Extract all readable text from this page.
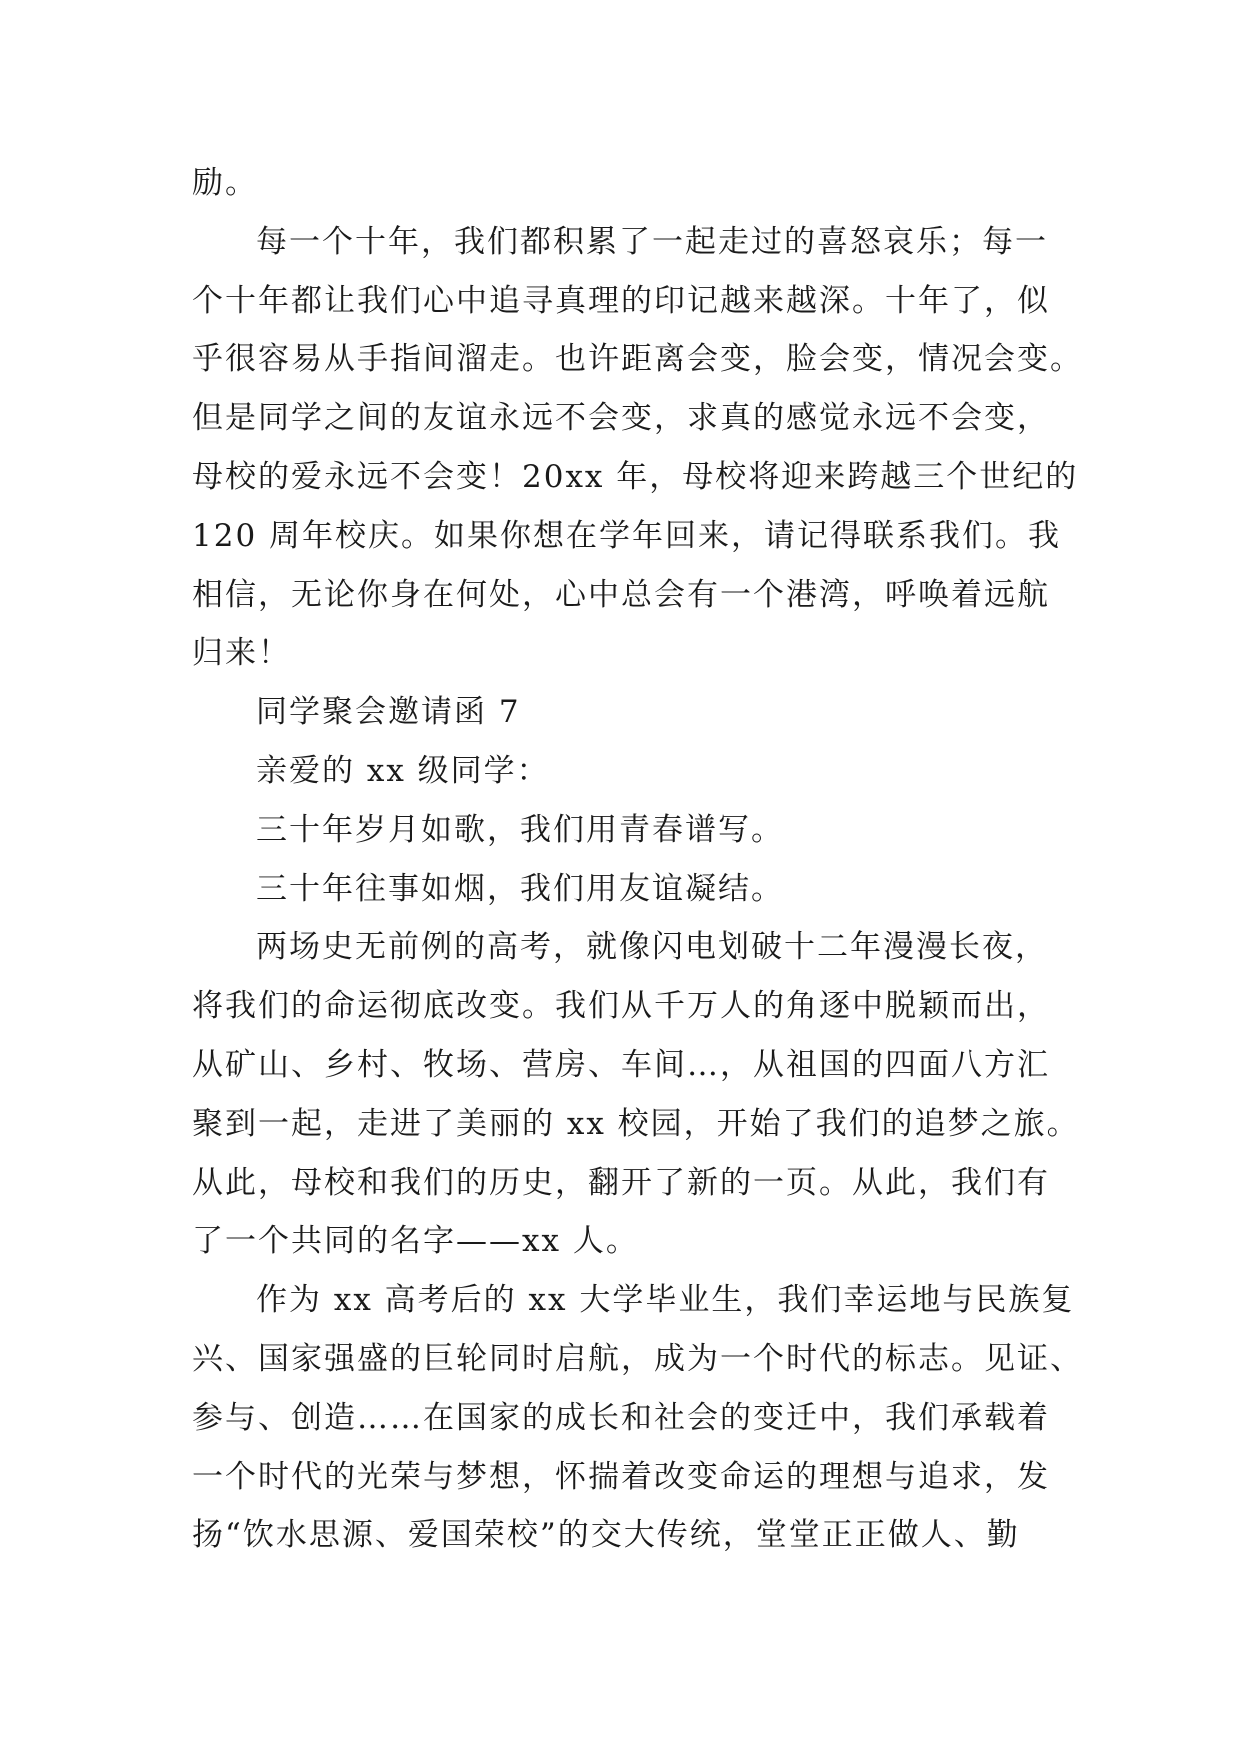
励。
每一个十年，我们都积累了一起走过的喜怒哀乐；每一
个十年都让我们心中追寻真理的印记越来越深。十年了，似
乎很容易从手指间溜走。也许距离会变，脸会变，情况会变。
但是同学之间的友谊永远不会变，求真的感觉永远不会变，
母校的爱永远不会变！20xx 年，母校将迎来跨越三个世纪的
120 周年校庆。如果你想在学年回来，请记得联系我们。我
相信，无论你身在何处，心中总会有一个港湾，呼唤着远航
归来！
同学聚会邀请函 7
亲爱的 xx 级同学：
三十年岁月如歌，我们用青春谱写。
三十年往事如烟，我们用友谊凝结。
两场史无前例的高考，就像闪电划破十二年漫漫长夜，
将我们的命运彻底改变。我们从千万人的角逐中脱颖而出，
从矿山、乡村、牧场、营房、车间…，从祖国的四面八方汇
聚到一起，走进了美丽的 xx 校园，开始了我们的追梦之旅。
从此，母校和我们的历史，翻开了新的一页。从此，我们有
了一个共同的名字——xx 人。
作为 xx 高考后的 xx 大学毕业生，我们幸运地与民族复
兴、国家强盛的巨轮同时启航，成为一个时代的标志。见证、
参与、创造……在国家的成长和社会的变迁中，我们承载着
一个时代的光荣与梦想，怀揣着改变命运的理想与追求，发
扬“饮水思源、爱国荣校”的交大传统，堂堂正正做人、勤
